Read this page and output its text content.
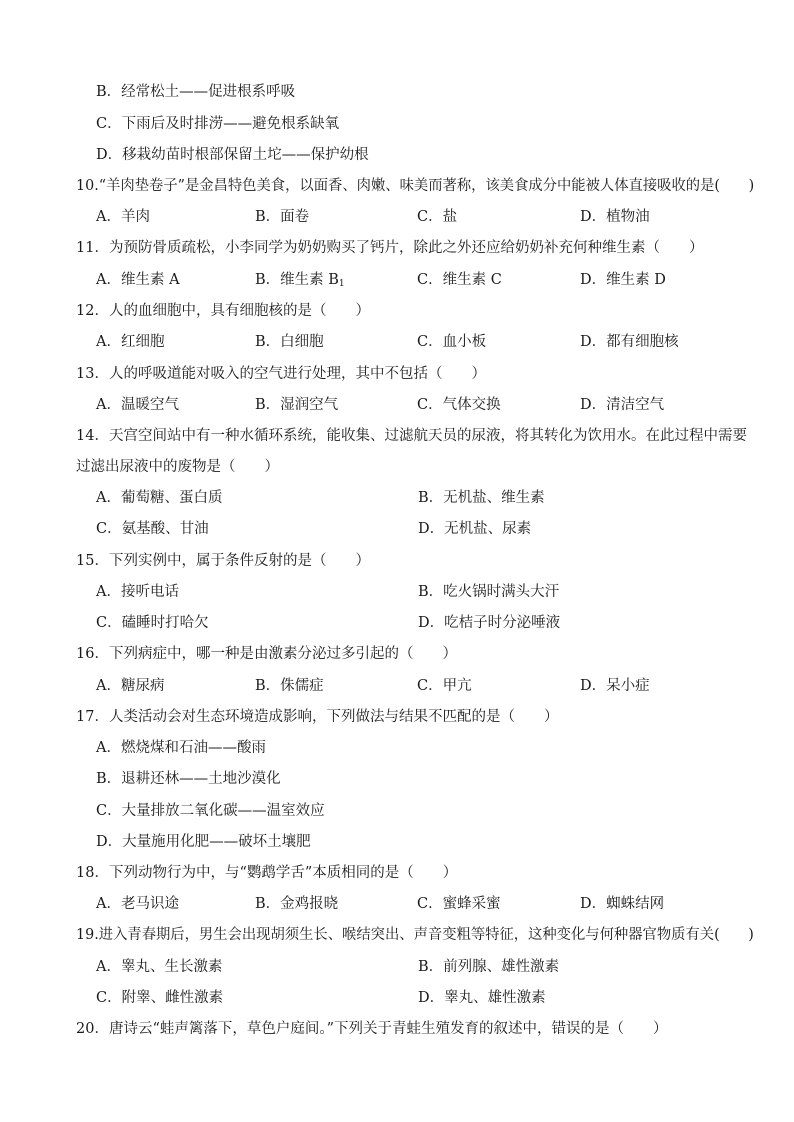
B．经常松土——促进根系呼吸
C．下雨后及时排涝——避免根系缺氧
D．移栽幼苗时根部保留土坨——保护幼根
10.“羊肉垫卷子”是金昌特色美食，以面香、肉嫩、味美而著称，该美食成分中能被人体直接吸收的是(　　)
A．羊肉	B．面卷	C．盐	D．植物油
11．为预防骨质疏松，小李同学为奶奶购买了钙片，除此之外还应给奶奶补充何种维生素（　　）
A．维生素 A	B．维生素 $B_1$	C．维生素 C	D．维生素 D
12．人的血细胞中，具有细胞核的是（　　）
A．红细胞	B．白细胞	C．血小板	D．都有细胞核
13．人的呼吸道能对吸入的空气进行处理，其中不包括（　　）
A．温暖空气	B．湿润空气	C．气体交换	D．清洁空气
14．天宫空间站中有一种水循环系统，能收集、过滤航天员的尿液，将其转化为饮用水。在此过程中需要
过滤出尿液中的废物是（　　）
A．葡萄糖、蛋白质	B．无机盐、维生素
C．氨基酸、甘油	D．无机盐、尿素
15．下列实例中，属于条件反射的是（　　）
A．接听电话	B．吃火锅时满头大汗
C．磕睡时打哈欠	D．吃桔子时分泌唾液
16．下列病症中，哪一种是由激素分泌过多引起的（　　）
A．糖尿病	B．侏儒症	C．甲亢	D．呆小症
17．人类活动会对生态环境造成影响，下列做法与结果不匹配的是（　　）
A．燃烧煤和石油——酸雨
B．退耕还林——土地沙漠化
C．大量排放二氧化碳——温室效应
D．大量施用化肥——破坏土壤肥
18．下列动物行为中，与“鹦鹉学舌”本质相同的是（　　）
A．老马识途	B．金鸡报晓	C．蜜蜂采蜜	D．蜘蛛结网
19.进入青春期后，男生会出现胡须生长、喉结突出、声音变粗等特征，这种变化与何种器官物质有关(　　)
A．睾丸、生长激素	B．前列腺、雄性激素
C．附睾、雌性激素	D．睾丸、雄性激素
20．唐诗云“蛙声篱落下，草色户庭间。”下列关于青蛙生殖发育的叙述中，错误的是（　　）
